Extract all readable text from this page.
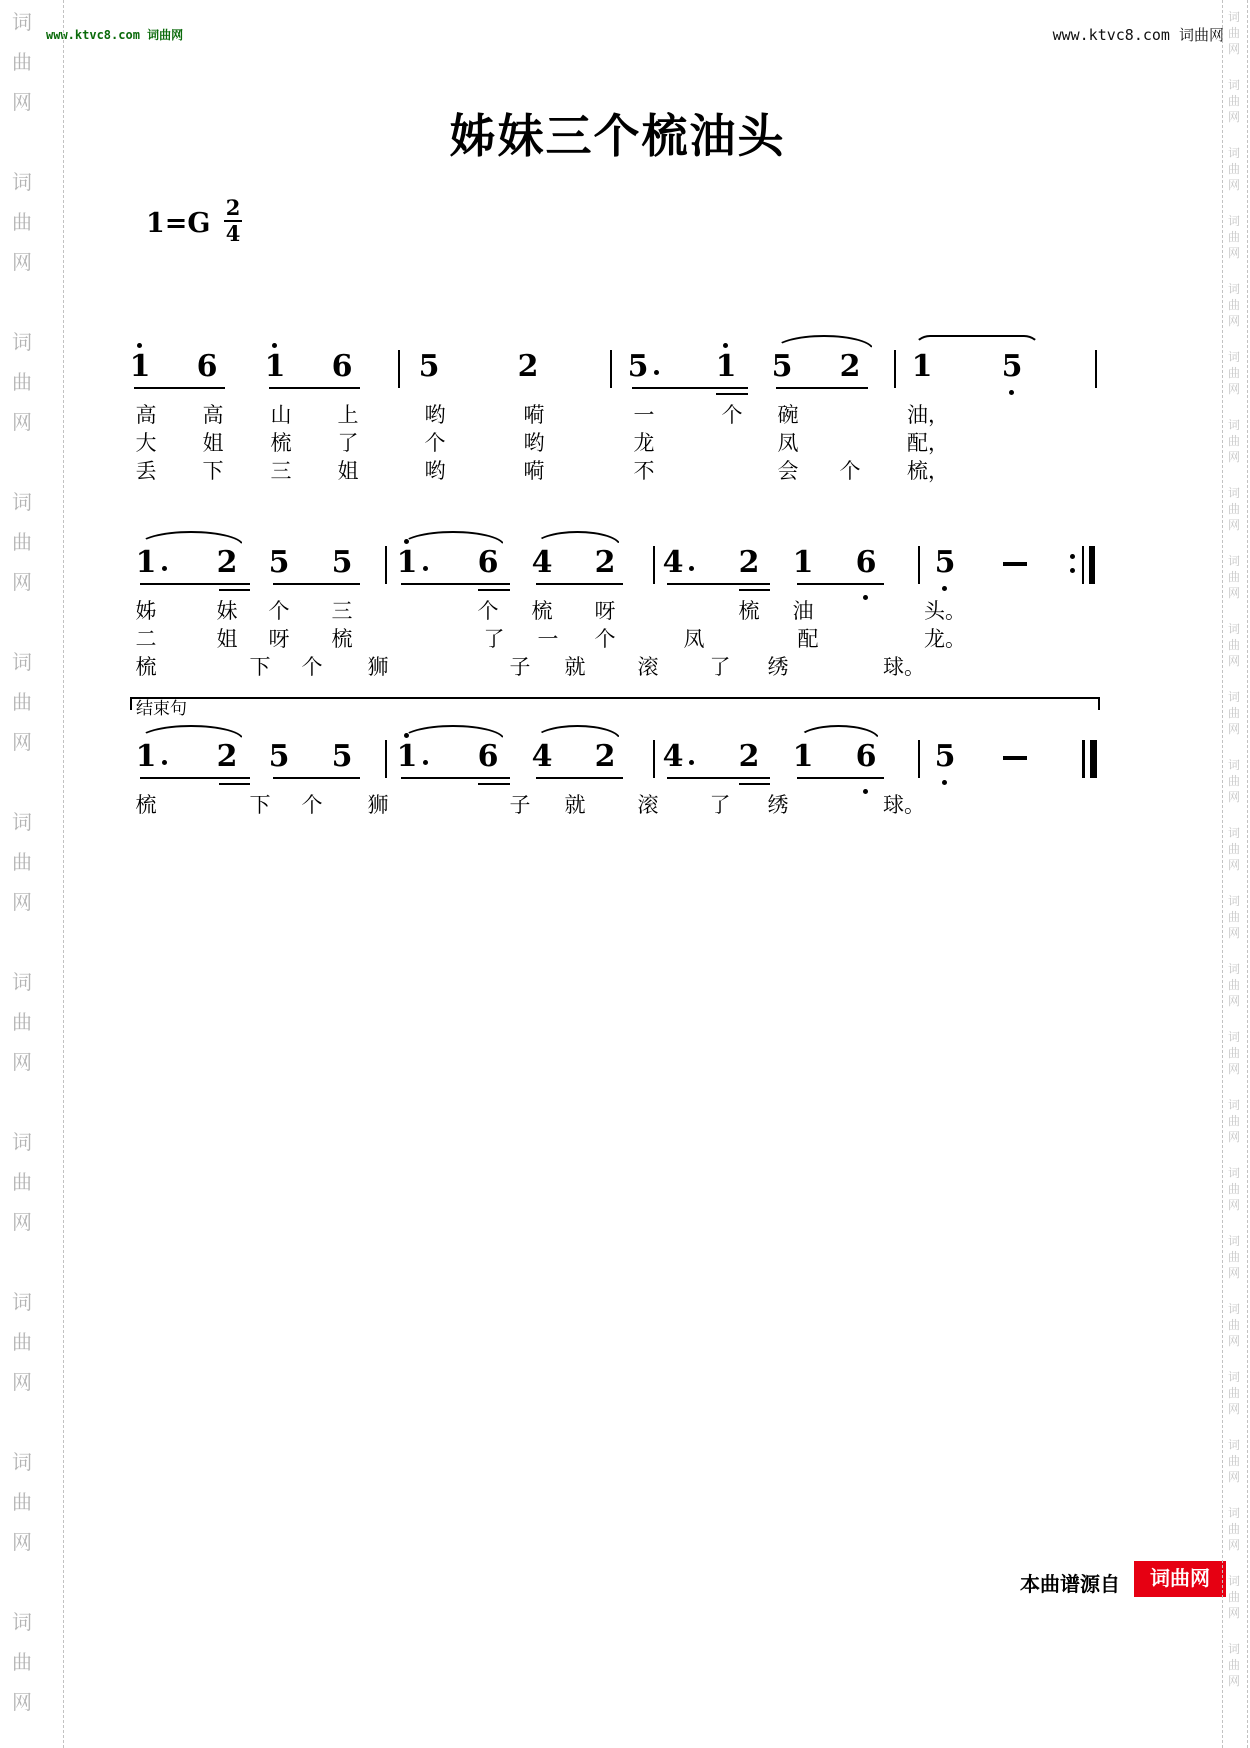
www.ktvc8.com 词曲网	www.ktvc8.com 词曲网
姊妹三个梳油头
1=G
2
4
本曲谱源自	词曲网
词
曲
网
词
曲
网
词
曲
网
词
曲
网
词
曲
网
词
曲
网
词
曲
网
词
曲
网
词
曲
网
词
曲
网
词
曲
网
词
曲
网
词
曲
网
词
曲
网
词
曲
网
词
曲
网
词
曲
网
词
曲
网
词
曲
网
词
曲
网
词
曲
网
词
曲
网
词
曲
网
词
曲
网
词
曲
网
词
曲
网
词
曲
网
词
曲
网
词
曲
网
词
曲
网
词
曲
网
词
曲
网
词
曲
网
词
曲
网
词
曲
网
词
曲
网
结束句
1 6 1 6 5	2	5 1 5 2 1 5
高	高	山	上	哟	嗬	一	个	碗	油，
大	姐	梳	了	个	哟	龙	凤	配，
丢	下	三	姐	哟	嗬	不	会	个	梳，
1 2 5 5 1 6 4 2 4 2 1 6 5
姊	妹	个	三	个	梳	呀	梳	油	头。
二	姐	呀	梳	了	一	个	凤	配	龙。
梳	下	个	狮	子	就	滚	了	绣	球。
1 2 5 5 1 6 4 2 4 2 1 6 5
梳	下	个	狮	子	就	滚	了	绣	球。
